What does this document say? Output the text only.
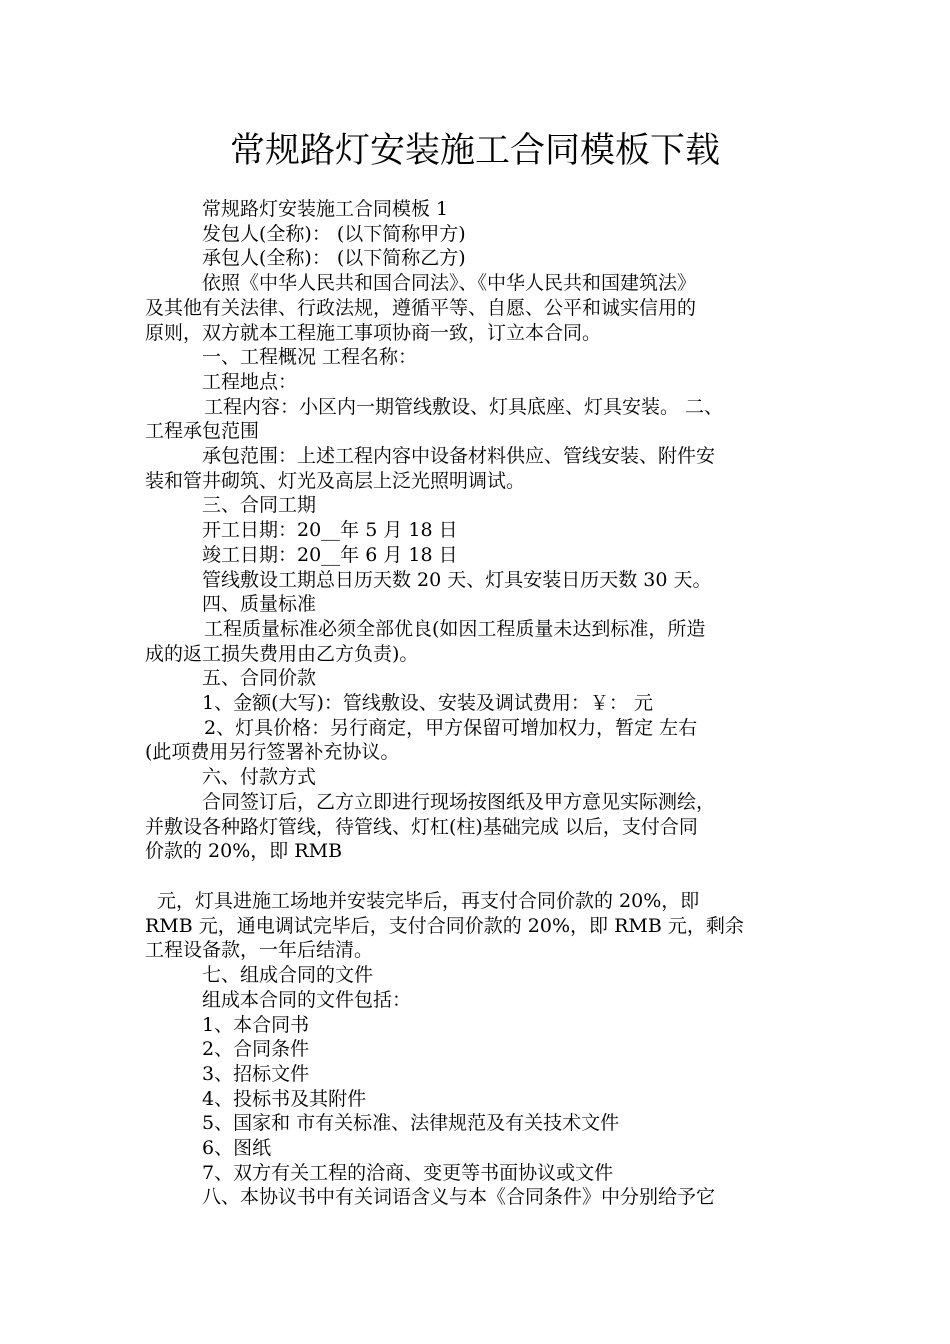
常规路灯安装施工合同模板下载

常规路灯安装施工合同模板 1

发包人(全称)： (以下简称甲方)

承包人(全称)： (以下简称乙方)

依照《中华人民共和国合同法》、《中华人民共和国建筑法》

及其他有关法律、行政法规，遵循平等、自愿、公平和诚实信用的

原则，双方就本工程施工事项协商一致，订立本合同。

一、工程概况 工程名称：

工程地点：

工程内容：小区内一期管线敷设、灯具底座、灯具安装。 二、

工程承包范围

承包范围：上述工程内容中设备材料供应、管线安装、附件安

装和管井砌筑、灯光及高层上泛光照明调试。

三、合同工期

开工日期：20__年 5 月 18 日

竣工日期：20__年 6 月 18 日

管线敷设工期总日历天数 20 天、灯具安装日历天数 30 天。

四、质量标准

工程质量标准必须全部优良(如因工程质量未达到标准，所造

成的返工损失费用由乙方负责)。

五、合同价款

1、金额(大写)：管线敷设、安装及调试费用：￥： 元

2、灯具价格：另行商定，甲方保留可增加权力，暂定 左右

(此项费用另行签署补充协议。

六、付款方式

合同签订后，乙方立即进行现场按图纸及甲方意见实际测绘，

并敷设各种路灯管线，待管线、灯杠(柱)基础完成 以后，支付合同

价款的 20%，即 RMB

元，灯具进施工场地并安装完毕后，再支付合同价款的 20%，即

RMB 元，通电调试完毕后，支付合同价款的 20%，即 RMB 元，剩余

工程设备款，一年后结清。

七、组成合同的文件

组成本合同的文件包括：

1、本合同书

2、合同条件

3、招标文件

4、投标书及其附件

5、国家和 市有关标准、法律规范及有关技术文件

6、图纸

7、双方有关工程的洽商、变更等书面协议或文件

八、本协议书中有关词语含义与本《合同条件》中分别给予它
